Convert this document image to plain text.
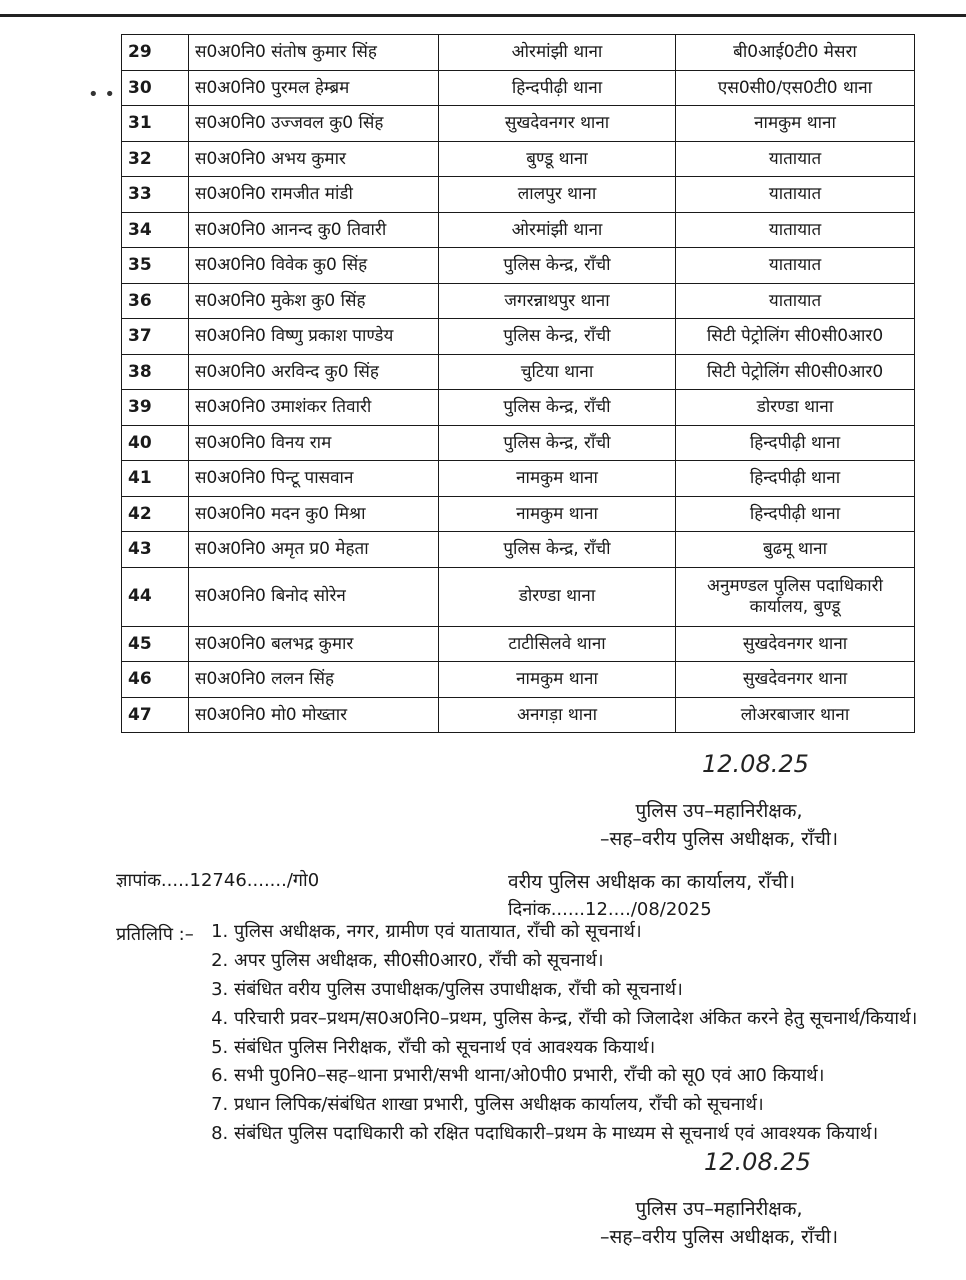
• •
29	स0अ0नि0 संतोष कुमार सिंह	ओरमांझी थाना	बी0आई0टी0 मेसरा
30	स0अ0नि0 पुरमल हेम्ब्रम	हिन्दपीढ़ी थाना	एस0सी0/एस0टी0 थाना
31	स0अ0नि0 उज्जवल कु0 सिंह	सुखदेवनगर थाना	नामकुम थाना
32	स0अ0नि0 अभय कुमार	बुण्डू थाना	यातायात
33	स0अ0नि0 रामजीत मांडी	लालपुर थाना	यातायात
34	स0अ0नि0 आनन्द कु0 तिवारी	ओरमांझी थाना	यातायात
35	स0अ0नि0 विवेक कु0 सिंह	पुलिस केन्द्र, राँची	यातायात
36	स0अ0नि0 मुकेश कु0 सिंह	जगरन्नाथपुर थाना	यातायात
37	स0अ0नि0 विष्णु प्रकाश पाण्डेय	पुलिस केन्द्र, राँची	सिटी पेट्रोलिंग सी0सी0आर0
38	स0अ0नि0 अरविन्द कु0 सिंह	चुटिया थाना	सिटी पेट्रोलिंग सी0सी0आर0
39	स0अ0नि0 उमाशंकर तिवारी	पुलिस केन्द्र, राँची	डोरण्डा थाना
40	स0अ0नि0 विनय राम	पुलिस केन्द्र, राँची	हिन्दपीढ़ी थाना
41	स0अ0नि0 पिन्टू पासवान	नामकुम थाना	हिन्दपीढ़ी थाना
42	स0अ0नि0 मदन कु0 मिश्रा	नामकुम थाना	हिन्दपीढ़ी थाना
43	स0अ0नि0 अमृत प्र0 मेहता	पुलिस केन्द्र, राँची	बुढमू थाना
44	स0अ0नि0 बिनोद सोरेन	डोरण्डा थाना	अनुमण्डल पुलिस पदाधिकारी कार्यालय, बुण्डू
45	स0अ0नि0 बलभद्र कुमार	टाटीसिलवे थाना	सुखदेवनगर थाना
46	स0अ0नि0 ललन सिंह	नामकुम थाना	सुखदेवनगर थाना
47	स0अ0नि0 मो0 मोख्तार	अनगड़ा थाना	लोअरबाजार थाना
12.08.25
पुलिस उप–महानिरीक्षक,
–सह–वरीय पुलिस अधीक्षक, राँची।
ज्ञापांक.....12746......./गो0	वरीय पुलिस अधीक्षक का कार्यालय, राँची।
दिनांक......12..../08/2025
प्रतिलिपि :– 1. पुलिस अधीक्षक, नगर, ग्रामीण एवं यातायात, राँची को सूचनार्थ।
2. अपर पुलिस अधीक्षक, सी0सी0आर0, राँची को सूचनार्थ।
3. संबंधित वरीय पुलिस उपाधीक्षक/पुलिस उपाधीक्षक, राँची को सूचनार्थ।
4. परिचारी प्रवर–प्रथम/स0अ0नि0–प्रथम, पुलिस केन्द्र, राँची को जिलादेश अंकित करने हेतु सूचनार्थ/कियार्थ।
5. संबंधित पुलिस निरीक्षक, राँची को सूचनार्थ एवं आवश्यक कियार्थ।
6. सभी पु0नि0–सह–थाना प्रभारी/सभी थाना/ओ0पी0 प्रभारी, राँची को सू0 एवं आ0 कियार्थ।
7. प्रधान लिपिक/संबंधित शाखा प्रभारी, पुलिस अधीक्षक कार्यालय, राँची को सूचनार्थ।
8. संबंधित पुलिस पदाधिकारी को रक्षित पदाधिकारी–प्रथम के माध्यम से सूचनार्थ एवं आवश्यक कियार्थ।
12.08.25
पुलिस उप–महानिरीक्षक,
–सह–वरीय पुलिस अधीक्षक, राँची।
